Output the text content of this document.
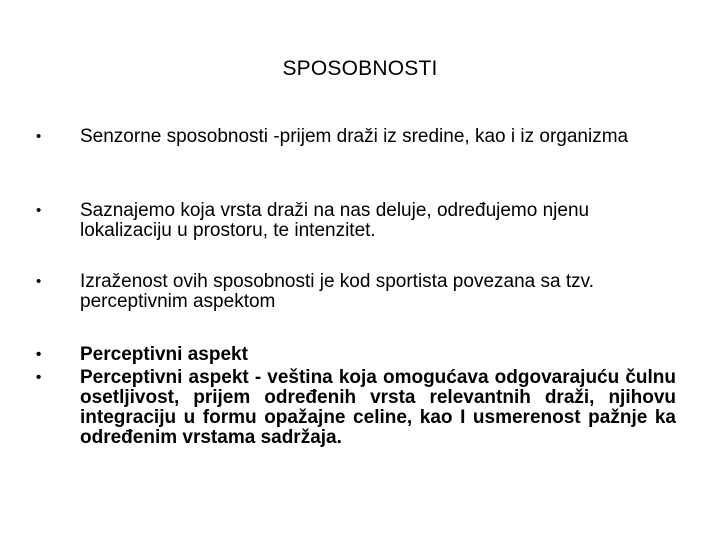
SPOSOBNOSTI
•	Senzorne sposobnosti -prijem draži iz sredine, kao i iz organizma
•	Saznajemo koja vrsta draži na nas deluje, određujemo njenu lokalizaciju u prostoru, te intenzitet.
•	Izraženost ovih sposobnosti je kod sportista povezana sa tzv. perceptivnim aspektom
•	Perceptivni aspekt
•	Perceptivni aspekt - veština koja omogućava odgovarajuću čulnu osetljivost, prijem određenih vrsta relevantnih draži, njihovu integraciju u formu opažajne celine, kao I usmerenost pažnje ka određenim vrstama sadržaja.
